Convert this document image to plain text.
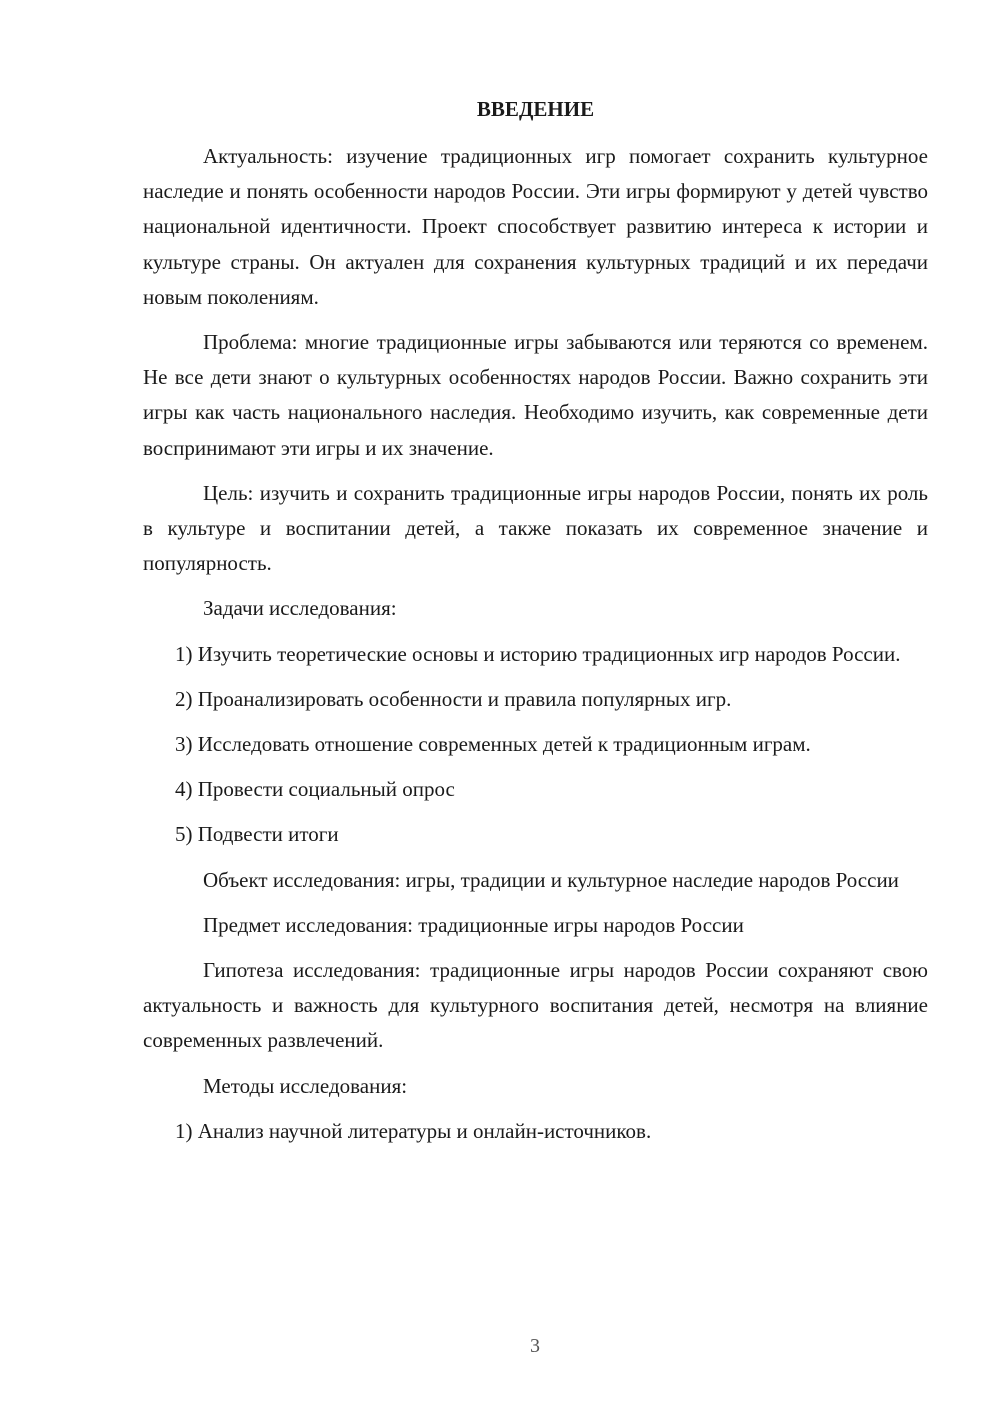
ВВЕДЕНИЕ

Актуальность: изучение традиционных игр помогает сохранить культурное наследие и понять особенности народов России. Эти игры формируют у детей чувство национальной идентичности. Проект способствует развитию интереса к истории и культуре страны. Он актуален для сохранения культурных традиций и их передачи новым поколениям.

Проблема: многие традиционные игры забываются или теряются со временем. Не все дети знают о культурных особенностях народов России. Важно сохранить эти игры как часть национального наследия. Необходимо изучить, как современные дети воспринимают эти игры и их значение.

Цель: изучить и сохранить традиционные игры народов России, понять их роль в культуре и воспитании детей, а также показать их современное значение и популярность.

Задачи исследования:

1) Изучить теоретические основы и историю традиционных игр народов России.

2) Проанализировать особенности и правила популярных игр.

3) Исследовать отношение современных детей к традиционным играм.

4) Провести социальный опрос

5) Подвести итоги

Объект исследования: игры, традиции и культурное наследие народов России

Предмет исследования: традиционные игры народов России

Гипотеза исследования: традиционные игры народов России сохраняют свою актуальность и важность для культурного воспитания детей, несмотря на влияние современных развлечений.

Методы исследования:

1) Анализ научной литературы и онлайн-источников.

3
